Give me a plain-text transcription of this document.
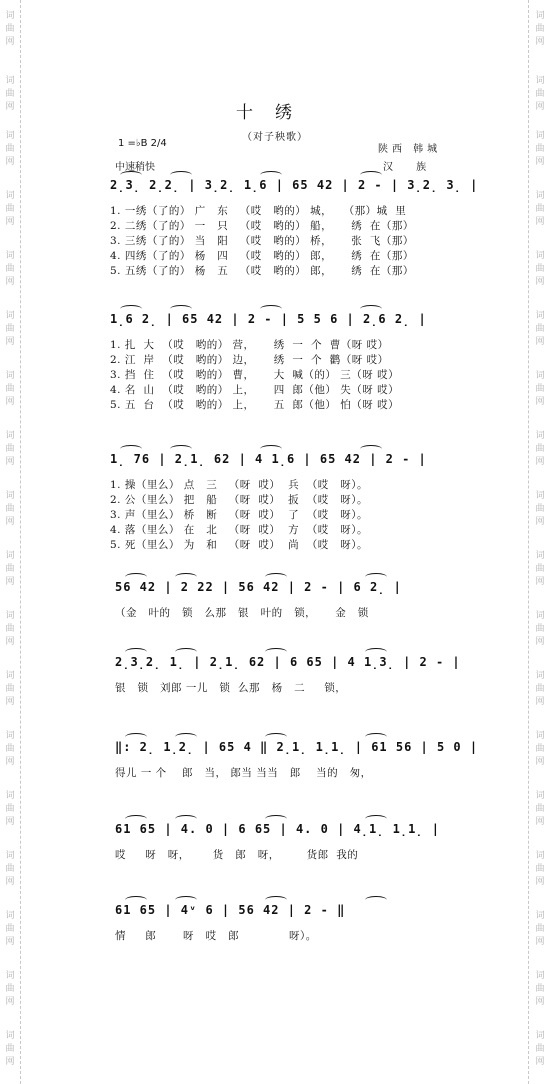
词
曲
网
词
曲
网
词
曲
网
词
曲
网
词
曲
网
词
曲
网
词
曲
网
词
曲
网
词
曲
网
词
曲
网
词
曲
网
词
曲
网
词
曲
网
词
曲
网
词
曲
网
词
曲
网
词
曲
网
词
曲
网
词
曲
网
词
曲
网
词
曲
网
词
曲
网
词
曲
网
词
曲
网
词
曲
网
词
曲
网
词
曲
网
词
曲
网
词
曲
网
词
曲
网
词
曲
网
词
曲
网
词
曲
网
词
曲
网
词
曲
网
词
曲
网
十绣
（对子秧歌）
1 =♭B 2/4
中速稍快
陕西 韩城
汉 族
2̣3̣ 2̣2̣ | 3̣2̣ 1̣6 | 65 42 | 2 - | 3̣2̣ 3̣ |
1. 一绣（了的） 广   东   （哎   哟的） 城，   （那）城  里
2. 二绣（了的） 一   只   （哎   哟的） 船，     绣  在（那）
3. 三绣（了的） 当   阳   （哎   哟的） 桥，     张  飞（那）
4. 四绣（了的） 杨   四   （哎   哟的） 郎，     绣  在（那）
5. 五绣（了的） 杨   五   （哎   哟的） 郎，     绣  在（那）
1̣6 2̣ | 65 42 | 2 - | 5 5 6 | 2̣6 2̣ |
1. 扎  大  （哎   哟的） 营，     绣  一  个  曹（呀 哎）
2. 江  岸  （哎   哟的） 边，     绣  一  个  鹳（呀 哎）
3. 挡  住  （哎   哟的） 曹，     大  喊（的） 三（呀 哎）
4. 名  山  （哎   哟的） 上，     四  郎（他） 失（呀 哎）
5. 五  台  （哎   哟的） 上，     五  郎（他） 怕（呀 哎）
1̣ 76 | 2̣1̣ 62 | 4 1̣6 | 65 42 | 2 - |
1. 操（里么） 点   三   （呀  哎）  兵  （哎   呀）。
2. 公（里么） 把   船   （呀  哎）  扳  （哎   呀）。
3. 声（里么） 桥   断   （呀  哎）  了  （哎   呀）。
4. 落（里么） 在   北   （呀  哎）  方  （哎   呀）。
5. 死（里么） 为   和   （呀  哎）  尚  （哎   呀）。
56 42 | 2 22 | 56 42 | 2 - | 6 2̣ |
（金   叶的   锁   么那   银   叶的   锁，     金   锁
2̣3̣2̣ 1̣ | 2̣1̣ 62 | 6 65 | 4 1̣3̣ | 2 - |
银   锁   刘郎 一儿   锁  么那   杨   二     锁，
‖: 2̣ 1̣2̣ | 65 4 ‖ 2̣1̣ 1̣1̣ | 61 56 | 5 0 |
得儿 一 个    郎   当， 郎当 当当   郎    当的   匆，
61 65 | 4. 0 | 6 65 | 4. 0 | 4̣1̣ 1̣1̣ |
哎     呀   呀，      货   郎   呀，       货郎  我的
61 65 | 4ᵛ 6 | 56 42 | 2 - ‖
情     郎       呀   哎   郎             呀）。
